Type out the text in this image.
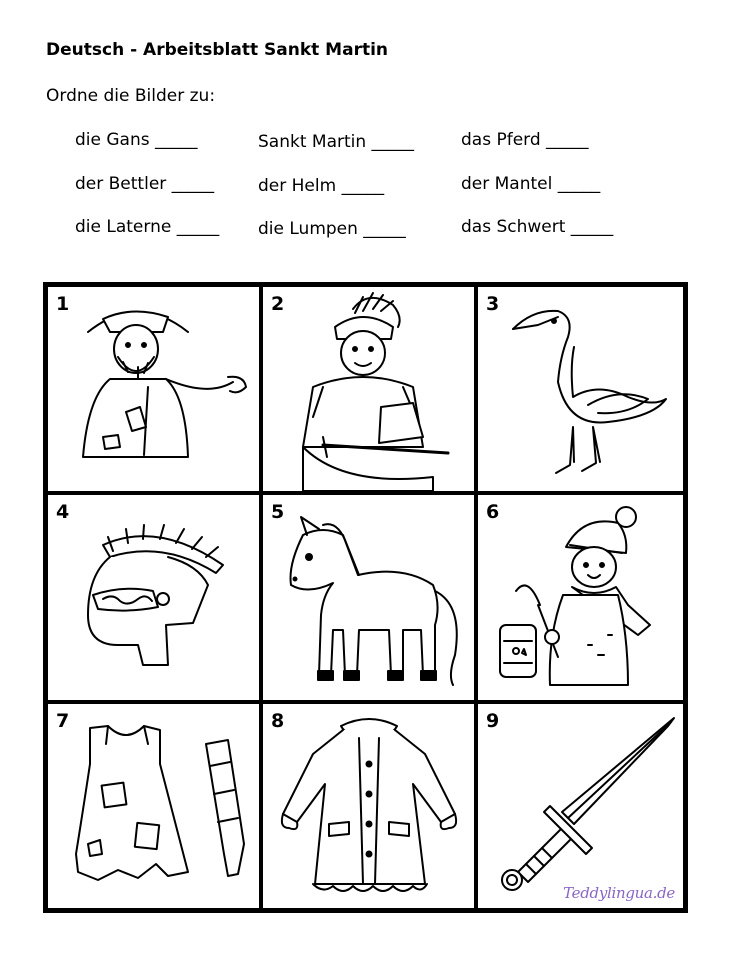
Deutsch - Arbeitsblatt Sankt Martin
Ordne die Bilder zu:
die Gans _____	Sankt Martin _____	das Pferd _____
der Bettler _____	der Helm _____	der Mantel _____
die Laterne _____ die Lumpen _____	das Schwert _____
1	2	3
4	5	6
7	8	9
Teddylingua.de
